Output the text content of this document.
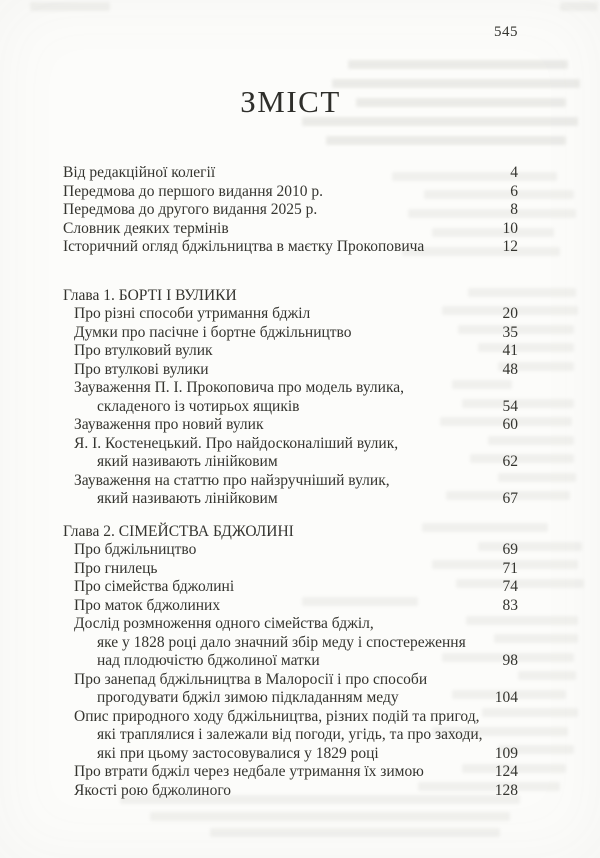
545
ЗМІСТ
Від редакційної колегії	4
Передмова до першого видання 2010 р.	6
Передмова до другого видання 2025 р.	8
Словник деяких термінів	10
Історичний огляд бджільництва в маєтку Прокоповича	12
Глава 1. БОРТІ І ВУЛИКИ
Про різні способи утримання бджіл	20
Думки про пасічне і бортне бджільництво	35
Про втулковий вулик	41
Про втулкові вулики	48
Зауваження П. І. Прокоповича про модель вулика,
складеного із чотирьох ящиків	54
Зауваження про новий вулик	60
Я. І. Костенецький. Про найдосконаліший вулик,
який називають лінійковим	62
Зауваження на статтю про найзручніший вулик,
який називають лінійковим	67
Глава 2. СІМЕЙСТВА БДЖОЛИНІ
Про бджільництво	69
Про гнилець	71
Про сімейства бджолині	74
Про маток бджолиних	83
Дослід розмноження одного сімейства бджіл,
яке у 1828 році дало значний збір меду і спостереження
над плодючістю бджолиної матки	98
Про занепад бджільництва в Малоросії і про способи
прогодувати бджіл зимою підкладанням меду	104
Опис природного ходу бджільництва, різних подій та пригод,
які траплялися і залежали від погоди, угідь, та про заходи,
які при цьому застосовувалися у 1829 році	109
Про втрати бджіл через недбале утримання їх зимою	124
Якості рою бджолиного	128
